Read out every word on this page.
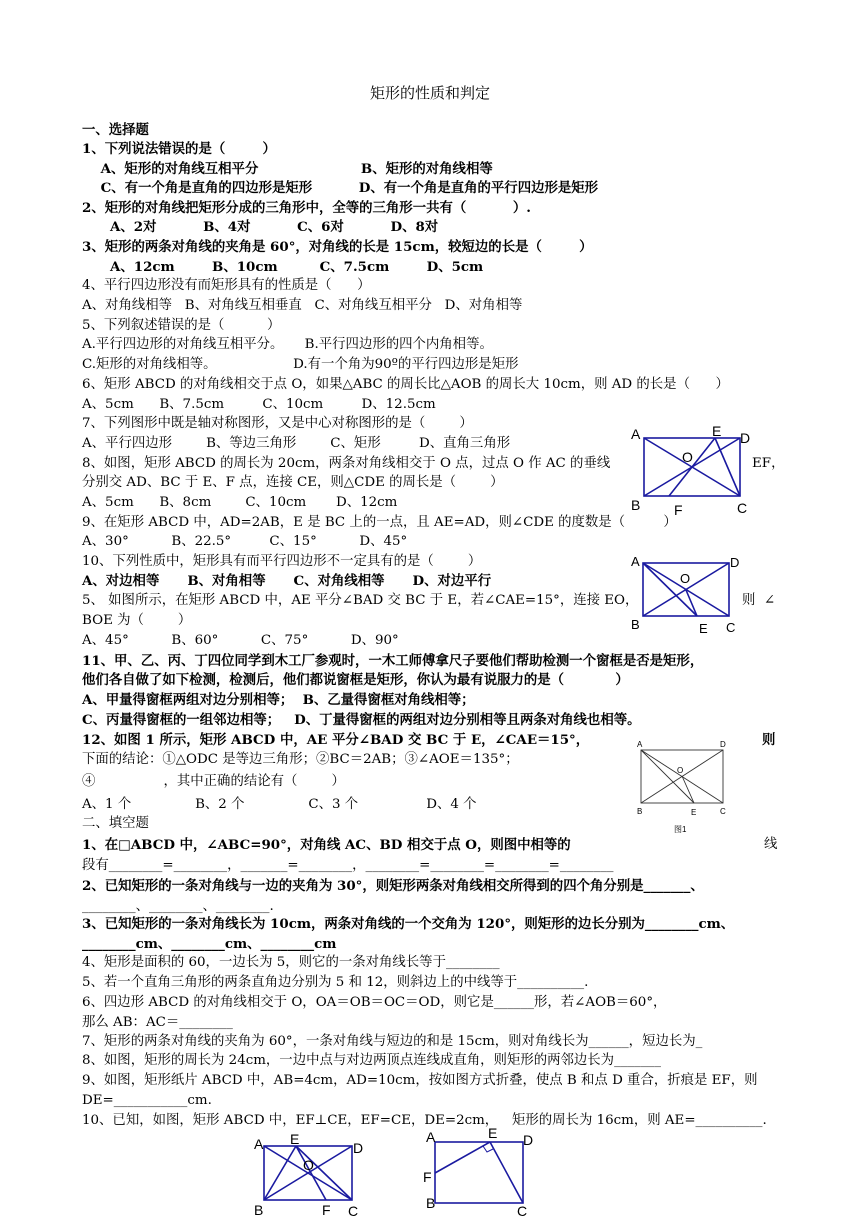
矩形的性质和判定
一、选择题
1、下列说法错误的是（        ）
A、矩形的对角线互相平分                      B、矩形的对角线相等
C、有一个角是直角的四边形是矩形          D、有一个角是直角的平行四边形是矩形
2、矩形的对角线把矩形分成的三角形中，全等的三角形一共有（          ）.
A、2对          B、4对          C、6对          D、8对
3、矩形的两条对角线的夹角是 60°，对角线的长是 15cm，较短边的长是（        ）
A、12cm        B、10cm         C、7.5cm        D、5cm
4、平行四边形没有而矩形具有的性质是（      ）
A、对角线相等   B、对角线互相垂直   C、对角线互相平分   D、对角相等
5、下列叙述错误的是（          ）
A.平行四边形的对角线互相平分。     B.平行四边形的四个内角相等。
C.矩形的对角线相等。                  D.有一个角为90º的平行四边形是矩形
6、矩形 ABCD 的对角线相交于点 O，如果△ABC 的周长比△AOB 的周长大 10cm，则 AD 的长是（      ）
A、5cm      B、7.5cm         C、10cm         D、12.5cm
7、下列图形中既是轴对称图形，又是中心对称图形的是（        ）
A、平行四边形        B、等边三角形        C、矩形         D、直角三角形
8、如图，矩形 ABCD 的周长为 20cm，两条对角线相交于 O 点，过点 O 作 AC 的垂线	EF，
分别交 AD、BC 于 E、F 点，连接 CE，则△CDE 的周长是（        ）
A、5cm      B、8cm        C、10cm       D、12cm
9、在矩形 ABCD 中，AD=2AB，E 是 BC 上的一点，且 AE=AD，则∠CDE 的度数是（         ）
A、30°          B、22.5°         C、15°          D、45°
10、下列性质中，矩形具有而平行四边形不一定具有的是（        ）
A、对边相等      B、对角相等      C、对角线相等      D、对边平行
5、 如图所示，在矩形 ABCD 中，AE 平分∠BAD 交 BC 于 E，若∠CAE=15°，连接 EO，	则  ∠
BOE 为（        ）
A、45°          B、60°          C、75°          D、90°
11、甲、乙、丙、丁四位同学到木工厂参观时，一木工师傅拿尺子要他们帮助检测一个窗框是否是矩形，
他们各自做了如下检测，检测后，他们都说窗框是矩形，你认为最有说服力的是（           ）
A、甲量得窗框两组对边分别相等；  B、乙量得窗框对角线相等；
C、丙量得窗框的一组邻边相等；   D、丁量得窗框的两组对边分别相等且两条对角线也相等。
12、如图 1 所示，矩形 ABCD 中，AE 平分∠BAD 交 BC 于 E，∠CAE＝15°，	则
下面的结论：①△ODC 是等边三角形；②BC＝2AB；③∠AOE＝135°；
④                ，其中正确的结论有（        ）
A、1 个               B、2 个               C、3 个                D、4 个
二、填空题
1、在□ABCD 中，∠ABC=90°，对角线 AC、BD 相交于点 O，则图中相等的	线
段有________=________，_______=________，________=________=________=________
2、已知矩形的一条对角线与一边的夹角为 30°，则矩形两条对角线相交所得到的四个角分别是_______、
________、________、________.
3、已知矩形的一条对角线长为 10cm，两条对角线的一个交角为 120°，则矩形的边长分别为________cm、
________cm、________cm、________cm
4、矩形是面积的 60，一边长为 5，则它的一条对角线长等于________
5、若一个直角三角形的两条直角边分别为 5 和 12，则斜边上的中线等于__________.
6、四边形 ABCD 的对角线相交于 O，OA＝OB＝OC＝OD，则它是______形，若∠AOB＝60°，
那么 AB：AC＝________
7、矩形的两条对角线的夹角为 60°，一条对角线与短边的和是 15cm，则对角线长为______，短边长为_
8、如图，矩形的周长为 24cm，一边中点与对边两顶点连线成直角，则矩形的两邻边长为_______
9、如图，矩形纸片 ABCD 中，AB=4cm，AD=10cm，按如图方式折叠，使点 B 和点 D 重合，折痕是 EF，则
DE=___________cm.
10、已知，如图，矩形 ABCD 中，EF⊥CE，EF=CE，DE=2cm， 矩形的周长为 16cm，则 AE=__________.
A	E D
O
B F	C
A	D
O
B	E C
A	D
O
B	E	C
图1
A E
D
O
B	F C
A	E D
F
B	C
